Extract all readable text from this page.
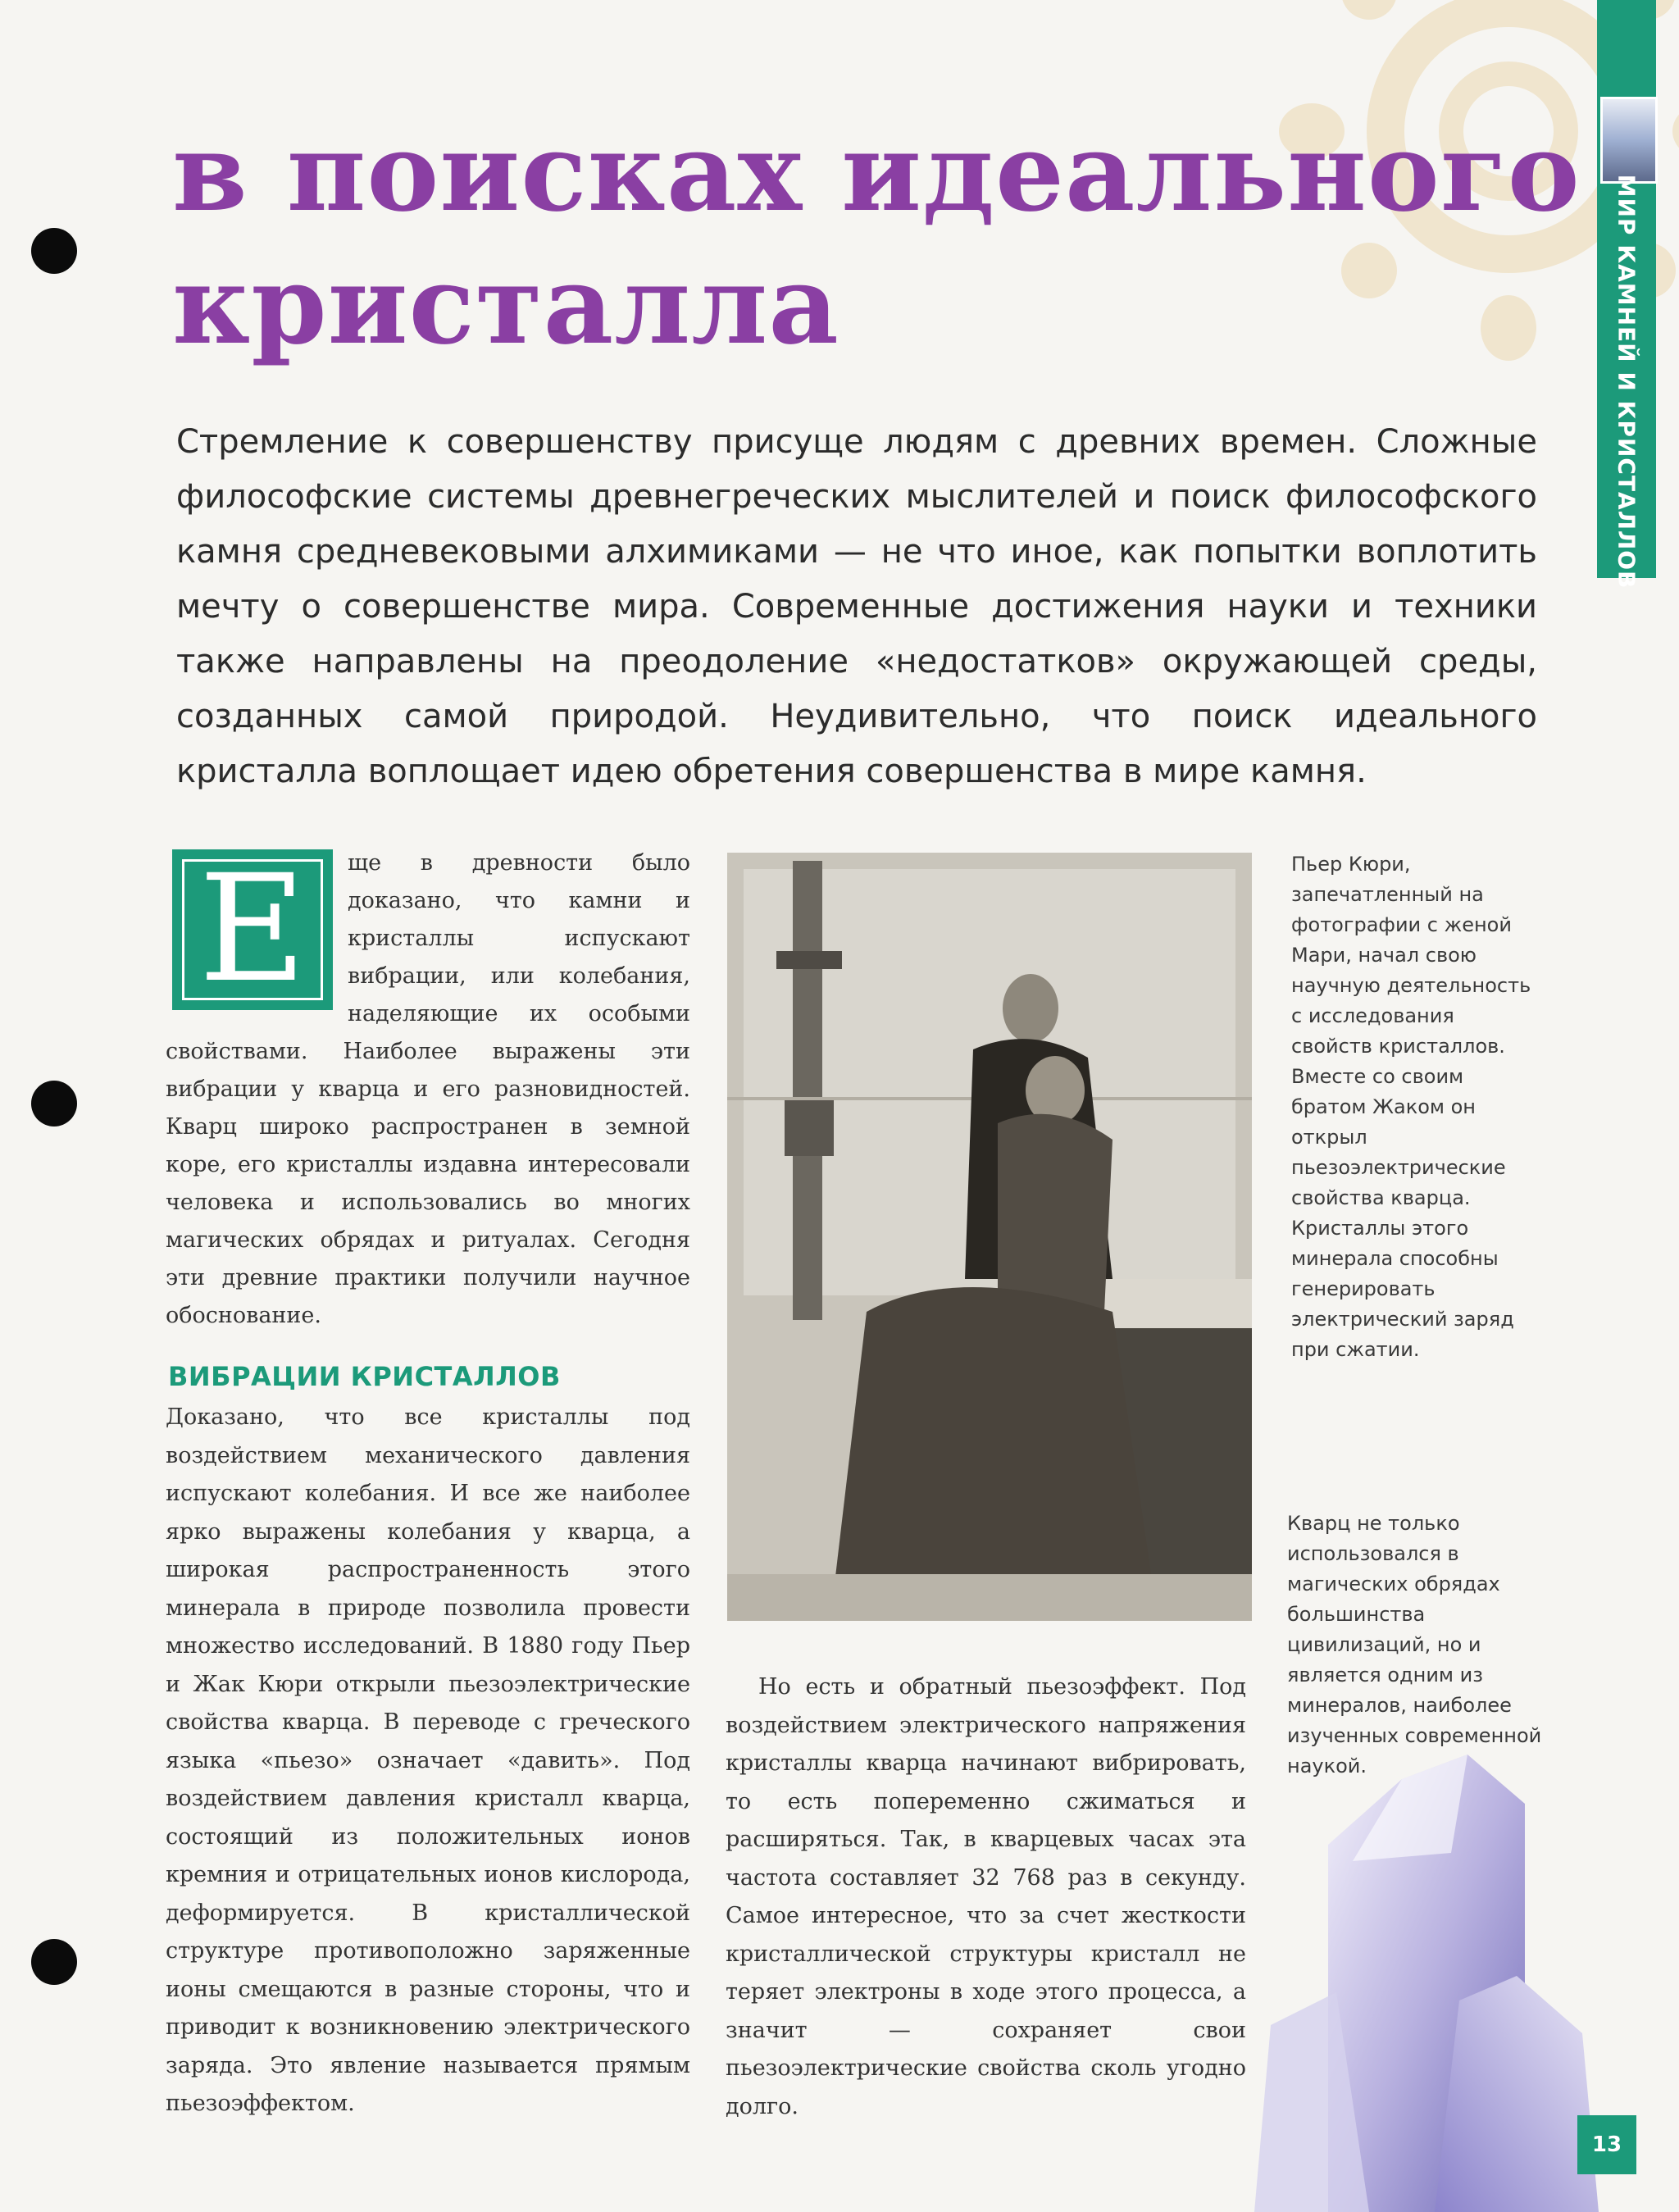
МИР КАМНЕЙ И КРИСТАЛЛОВ
в поисках идеального
кристалла
Стремление к совершенству присуще людям с древних времен. Сложные философские системы древнегреческих мыслителей и поиск философского камня средневековыми алхимиками — не что иное, как попытки воплотить мечту о совершенстве мира. Современные достижения науки и техники также направлены на преодоление «недостатков» окружающей среды, созданных самой природой. Неудивительно, что поиск идеального кристалла воплощает идею обретения совершенства в мире камня.
Е	ще в древности было доказано, что камни и кристаллы испускают вибрации, или колебания, наделяющие их особыми свойствами. Наиболее выражены эти вибрации у кварца и его разновидностей. Кварц широко распространен в земной коре, его кристаллы издавна интересовали человека и использовались во многих магических обрядах и ритуалах. Сегодня эти древние практики получили научное обоснование.

ВИБРАЦИИ КРИСТАЛЛОВ

Доказано, что все кристаллы под воздействием механического давления испускают колебания. И все же наиболее ярко выражены колебания у кварца, а широкая распространенность этого минерала в природе позволила провести множество исследований. В 1880 году Пьер и Жак Кюри открыли пьезоэлектрические свойства кварца. В переводе с греческого языка «пьезо» означает «давить». Под воздействием давления кристалл кварца, состоящий из положительных ионов кремния и отрицательных ионов кислорода, деформируется. В кристаллической структуре противоположно заряженные ионы смещаются в разные стороны, что и приводит к возникновению электрического заряда. Это явление называется прямым пьезоэффектом.

Пьер Кюри, запечатленный на фотографии с женой Мари, начал свою научную деятельность с исследования свойств кристаллов. Вместе со своим братом Жаком он открыл пьезоэлектрические свойства кварца. Кристаллы этого минерала способны генерировать электрический заряд при сжатии.

Но есть и обратный пьезоэффект. Под воздействием электрического напряжения кристаллы кварца начинают вибрировать, то есть попеременно сжиматься и расширяться. Так, в кварцевых часах эта частота составляет 32 768 раз в секунду. Самое интересное, что за счет жесткости кристаллической структуры кристалл не теряет электроны в ходе этого процесса, а значит — сохраняет свои пьезоэлектрические свойства сколь угодно долго.

Кварц не только использовался в магических обрядах большинства цивилизаций, но и является одним из минералов, наиболее изученных современной наукой.
13
